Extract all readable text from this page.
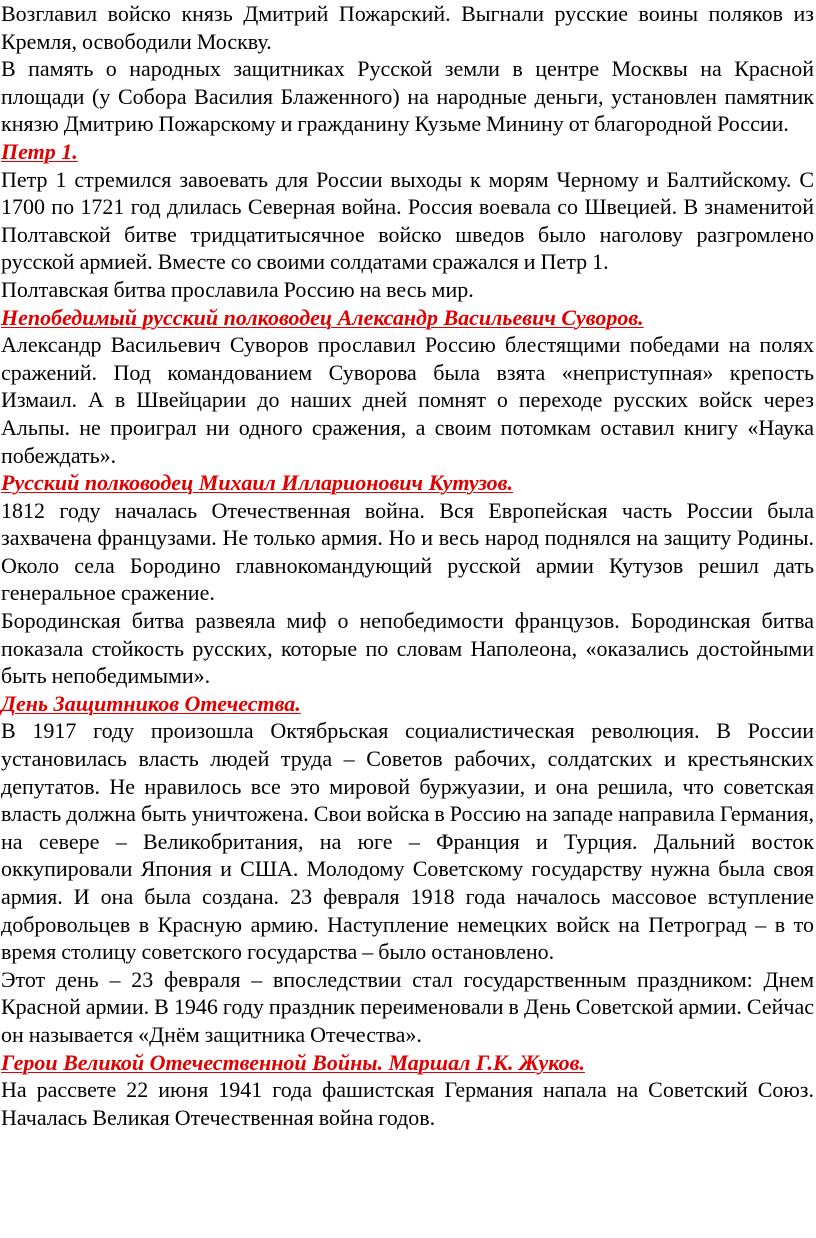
Возглавил войско князь Дмитрий Пожарский. Выгнали русские воины поляков из Кремля, освободили Москву.

В память о народных защитниках Русской земли в центре Москвы на Красной площади (у Собора Василия Блаженного) на народные деньги, установлен памятник князю Дмитрию Пожарскому и гражданину Кузьме Минину от благородной России.

Петр 1.

Петр 1 стремился завоевать для России выходы к морям Черному и Балтийскому. С 1700 по 1721 год длилась Северная война. Россия воевала со Швецией. В знаменитой Полтавской битве тридцатитысячное войско шведов было наголову разгромлено русской армией. Вместе со своими солдатами сражался и Петр 1.

Полтавская битва прославила Россию на весь мир.

Непобедимый русский полководец Александр Васильевич Суворов.

Александр Васильевич Суворов прославил Россию блестящими победами на полях сражений. Под командованием Суворова была взята «неприступная» крепость Измаил. А в Швейцарии до наших дней помнят о переходе русских войск через Альпы. не проиграл ни одного сражения, а своим потомкам оставил книгу «Наука побеждать».

Русский полководец Михаил Илларионович Кутузов.

1812 году началась Отечественная война. Вся Европейская часть России была захвачена французами. Не только армия. Но и весь народ поднялся на защиту Родины. Около села Бородино главнокомандующий русской армии Кутузов решил дать генеральное сражение.

Бородинская битва развеяла миф о непобедимости французов. Бородинская битва показала стойкость русских, которые по словам Наполеона, «оказались достойными быть непобедимыми».

День Защитников Отечества.

В 1917 году произошла Октябрьская социалистическая революция. В России установилась власть людей труда – Советов рабочих, солдатских и крестьянских депутатов. Не нравилось все это мировой буржуазии, и она решила, что советская власть должна быть уничтожена. Свои войска в Россию на западе направила Германия, на севере – Великобритания, на юге – Франция и Турция. Дальний восток оккупировали Япония и США. Молодому Советскому государству нужна была своя армия. И она была создана. 23 февраля 1918 года началось массовое вступление добровольцев в Красную армию. Наступление немецких войск на Петроград – в то время столицу советского государства – было остановлено.

Этот день – 23 февраля – впоследствии стал государственным праздником: Днем Красной армии. В 1946 году праздник переименовали в День Советской армии. Сейчас он называется «Днём защитника Отечества».

Герои Великой Отечественной Войны. Маршал Г.К. Жуков.

На рассвете 22 июня 1941 года фашистская Германия напала на Советский Союз. Началась Великая Отечественная война годов.
